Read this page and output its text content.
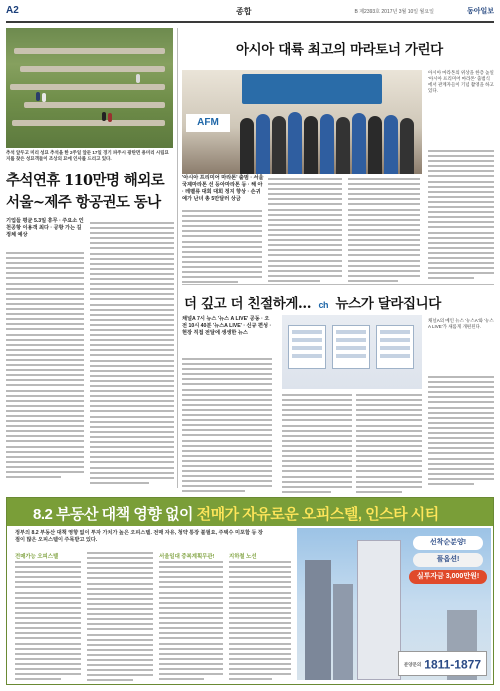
A2	종합	B 제2393호 2017년 3월 10일 월요일	동아일보
추석 앞두고 미리 성묘 추석을 한 2주일 앞둔 17일 경기 파주시 광탄면 용미리 시립묘지를 찾은 성묘객들이 조상의 묘에 인사를 드리고 있다.
추석연휴 110만명 해외로
서울~제주 항공권도 동나
기업들 평균 5.3일 휴무 · 주요소 인천공항 이용객 최다 · 공항 가는 길 정체 예상
아시아 대륙 최고의 마라토너 가린다
AFM
아시아 마라톤의 위상을 한층 높일 '아시아 프리미어 마라톤' 출범식에서 관계자들이 기념 촬영을 하고 있다.
'아시아 프리미어 마라톤' 출범 · 서울국제마라톤 선 등아마라톤 등 · 해 아 · 레벨류 대회 대회 정지 향상 · 손귀 예가 난녀 총 5만달러 상금
더 깊고 더 친절하게… ch 뉴스가 달라집니다
채널A 7시 뉴스 '뉴스 A LIVE' 공동 · 오전 10시 40분 '뉴스A LIVE' · 신규 편성 · 현장 직접 전달에 생생한 뉴스
채널A의 메인 뉴스 '뉴스A'와 '뉴스A LIVE'가 새롭게 개편된다.
8.2 부동산 대책 영향 없이 전매가 자유로운 오피스텔, 인스타 시티
정부의 8.2 부동산 대책 영향 없이 투자 가치가 높은 오피스텔. 전매 자유, 청약 통장 불필요, 주택수 미포함 등 장점이 많은 오피스텔이 주목받고 있다.
전매가능 오피스텔	서울일대 중복계획무관!	지하철 노선
선착순분양!
풀옵션!
실투자금 3,000만원!
분양문의 1811-1877
